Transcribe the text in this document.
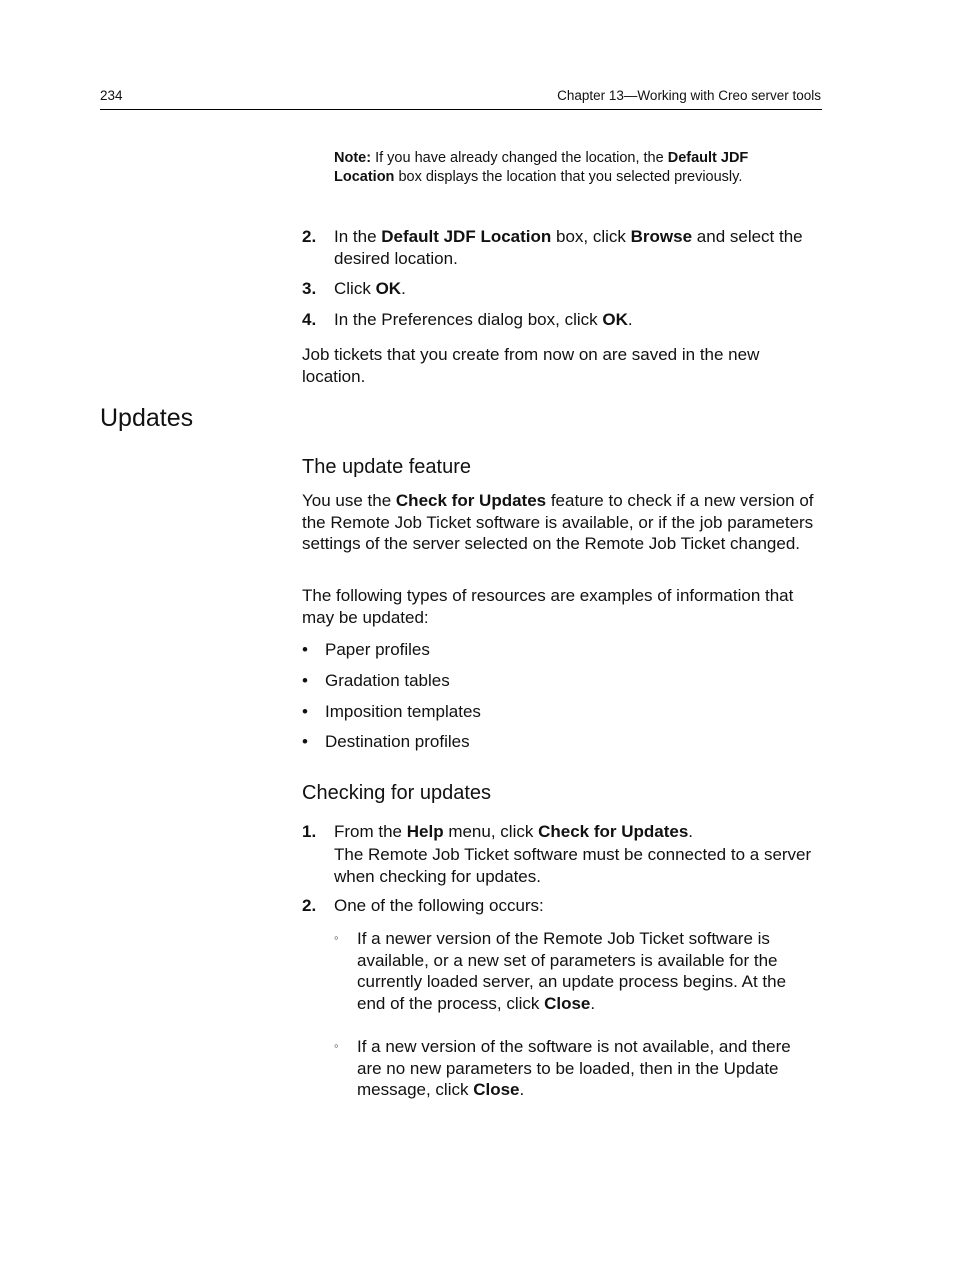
234	Chapter 13—Working with Creo server tools
Note: If you have already changed the location, the Default JDF Location box displays the location that you selected previously.
2. In the Default JDF Location box, click Browse and select the desired location.
3. Click OK.
4. In the Preferences dialog box, click OK.
Job tickets that you create from now on are saved in the new location.
Updates
The update feature
You use the Check for Updates feature to check if a new version of the Remote Job Ticket software is available, or if the job parameters settings of the server selected on the Remote Job Ticket changed.
The following types of resources are examples of information that may be updated:
• Paper profiles
• Gradation tables
• Imposition templates
• Destination profiles
Checking for updates
1. From the Help menu, click Check for Updates.
The Remote Job Ticket software must be connected to a server when checking for updates.
2. One of the following occurs:
◦ If a newer version of the Remote Job Ticket software is available, or a new set of parameters is available for the currently loaded server, an update process begins. At the end of the process, click Close.
◦ If a new version of the software is not available, and there are no new parameters to be loaded, then in the Update message, click Close.
